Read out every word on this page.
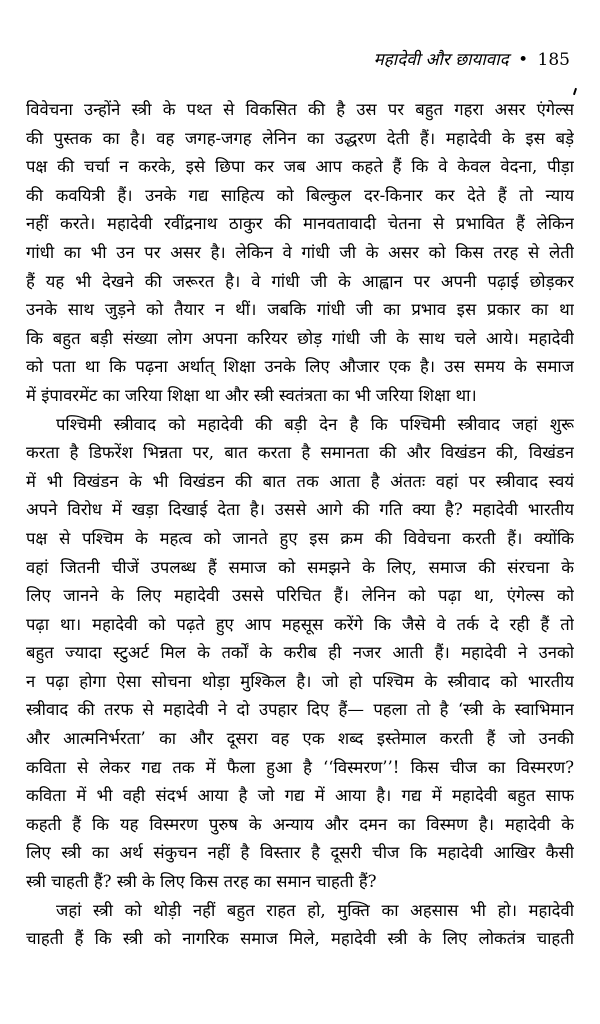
महादेवी और छायावाद • 185
विवेचना उन्होंने स्त्री के पथ्त से विकसित की है उस पर बहुत गहरा असर एंगेल्स
की पुस्तक का है। वह जगह-जगह लेनिन का उद्धरण देती हैं। महादेवी के इस बड़े
पक्ष की चर्चा न करके, इसे छिपा कर जब आप कहते हैं कि वे केवल वेदना, पीड़ा
की कवयित्री हैं। उनके गद्य साहित्य को बिल्कुल दर-किनार कर देते हैं तो न्याय
नहीं करते। महादेवी रवींद्रनाथ ठाकुर की मानवतावादी चेतना से प्रभावित हैं लेकिन
गांधी का भी उन पर असर है। लेकिन वे गांधी जी के असर को किस तरह से लेती
हैं यह भी देखने की जरूरत है। वे गांधी जी के आह्वान पर अपनी पढ़ाई छोड़कर
उनके साथ जुड़ने को तैयार न थीं। जबकि गांधी जी का प्रभाव इस प्रकार का था
कि बहुत बड़ी संख्या लोग अपना करियर छोड़ गांधी जी के साथ चले आये। महादेवी
को पता था कि पढ़ना अर्थात् शिक्षा उनके लिए औजार एक है। उस समय के समाज
में इंपावरमेंट का जरिया शिक्षा था और स्त्री स्वतंत्रता का भी जरिया शिक्षा था।
पश्चिमी स्त्रीवाद को महादेवी की बड़ी देन है कि पश्चिमी स्त्रीवाद जहां शुरू
करता है डिफरेंश भिन्नता पर, बात करता है समानता की और विखंडन की, विखंडन
में भी विखंडन के भी विखंडन की बात तक आता है अंततः वहां पर स्त्रीवाद स्वयं
अपने विरोध में खड़ा दिखाई देता है। उससे आगे की गति क्या है? महादेवी भारतीय
पक्ष से पश्चिम के महत्व को जानते हुए इस क्रम की विवेचना करती हैं। क्योंकि
वहां जितनी चीजें उपलब्ध हैं समाज को समझने के लिए, समाज की संरचना के
लिए जानने के लिए महादेवी उससे परिचित हैं। लेनिन को पढ़ा था, एंगेल्स को
पढ़ा था। महादेवी को पढ़ते हुए आप महसूस करेंगे कि जैसे वे तर्क दे रही हैं तो
बहुत ज्यादा स्टुअर्ट मिल के तर्कों के करीब ही नजर आती हैं। महादेवी ने उनको
न पढ़ा होगा ऐसा सोचना थोड़ा मुश्किल है। जो हो पश्चिम के स्त्रीवाद को भारतीय
स्त्रीवाद की तरफ से महादेवी ने दो उपहार दिए हैं— पहला तो है ‘स्त्री के स्वाभिमान
और आत्मनिर्भरता’ का और दूसरा वह एक शब्द इस्तेमाल करती हैं जो उनकी
कविता से लेकर गद्य तक में फैला हुआ है ‘‘विस्मरण’’! किस चीज का विस्मरण?
कविता में भी वही संदर्भ आया है जो गद्य में आया है। गद्य में महादेवी बहुत साफ
कहती हैं कि यह विस्मरण पुरुष के अन्याय और दमन का विस्मण है। महादेवी के
लिए स्त्री का अर्थ संकुचन नहीं है विस्तार है दूसरी चीज कि महादेवी आखिर कैसी
स्त्री चाहती हैं? स्त्री के लिए किस तरह का समान चाहती हैं?
जहां स्त्री को थोड़ी नहीं बहुत राहत हो, मुक्ति का अहसास भी हो। महादेवी
चाहती हैं कि स्त्री को नागरिक समाज मिले, महादेवी स्त्री के लिए लोकतंत्र चाहती
